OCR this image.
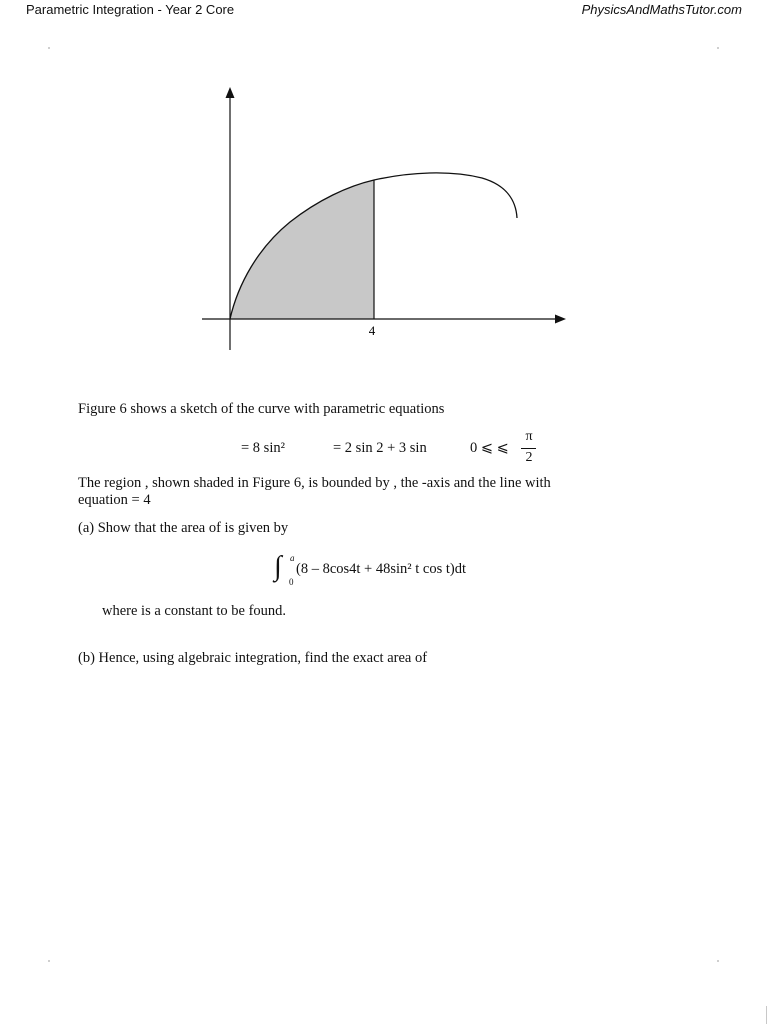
Parametric Integration - Year 2 Core	PhysicsAndMathsTutor.com
4
Figure 6 shows a sketch of the curve with parametric equations
= 8 sin²	= 2 sin 2 + 3 sin	0 ⩽ ⩽
π
2
The region , shown shaded in Figure 6, is bounded by , the -axis and the line with
equation = 4
(a) Show that the area of is given by
∫ a
0
(8 – 8cos4t + 48sin² t cos t)dt
where is a constant to be found.
(b) Hence, using algebraic integration, find the exact area of
